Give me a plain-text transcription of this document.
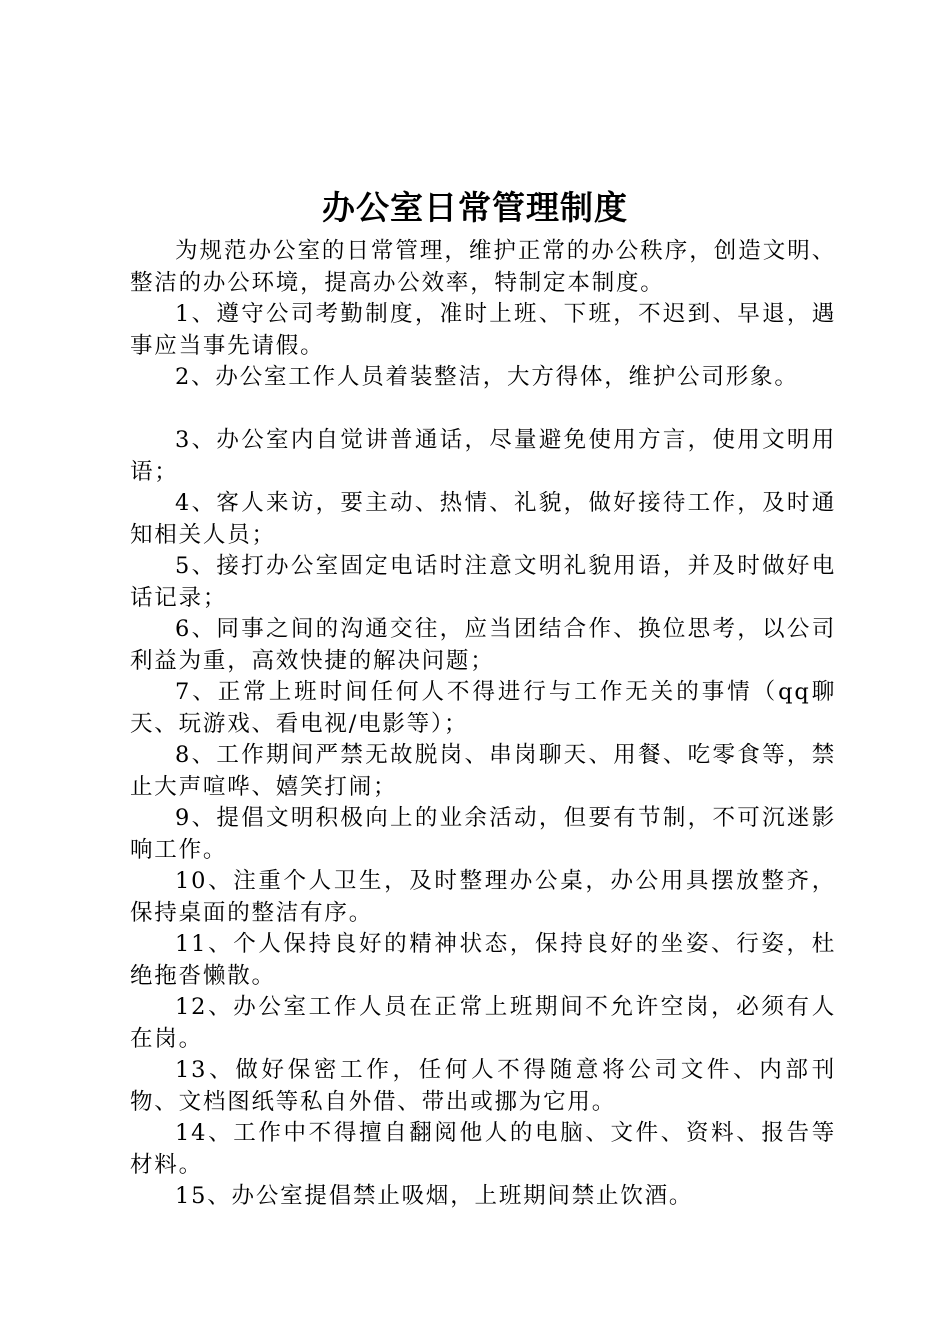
办公室日常管理制度

为规范办公室的日常管理，维护正常的办公秩序，创造文明、整洁的办公环境，提高办公效率，特制定本制度。

1、遵守公司考勤制度，准时上班、下班，不迟到、早退，遇事应当事先请假。

2、办公室工作人员着装整洁，大方得体，维护公司形象。

3、办公室内自觉讲普通话，尽量避免使用方言，使用文明用语；

4、客人来访，要主动、热情、礼貌，做好接待工作，及时通知相关人员；

5、接打办公室固定电话时注意文明礼貌用语，并及时做好电话记录；

6、同事之间的沟通交往，应当团结合作、换位思考，以公司利益为重，高效快捷的解决问题；

7、正常上班时间任何人不得进行与工作无关的事情（qq聊天、玩游戏、看电视/电影等）；

8、工作期间严禁无故脱岗、串岗聊天、用餐、吃零食等，禁止大声喧哗、嬉笑打闹；

9、提倡文明积极向上的业余活动，但要有节制，不可沉迷影响工作。

10、注重个人卫生，及时整理办公桌，办公用具摆放整齐，保持桌面的整洁有序。

11、个人保持良好的精神状态，保持良好的坐姿、行姿，杜绝拖沓懒散。

12、办公室工作人员在正常上班期间不允许空岗，必须有人在岗。

13、做好保密工作，任何人不得随意将公司文件、内部刊物、文档图纸等私自外借、带出或挪为它用。

14、工作中不得擅自翻阅他人的电脑、文件、资料、报告等材料。

15、办公室提倡禁止吸烟，上班期间禁止饮酒。
